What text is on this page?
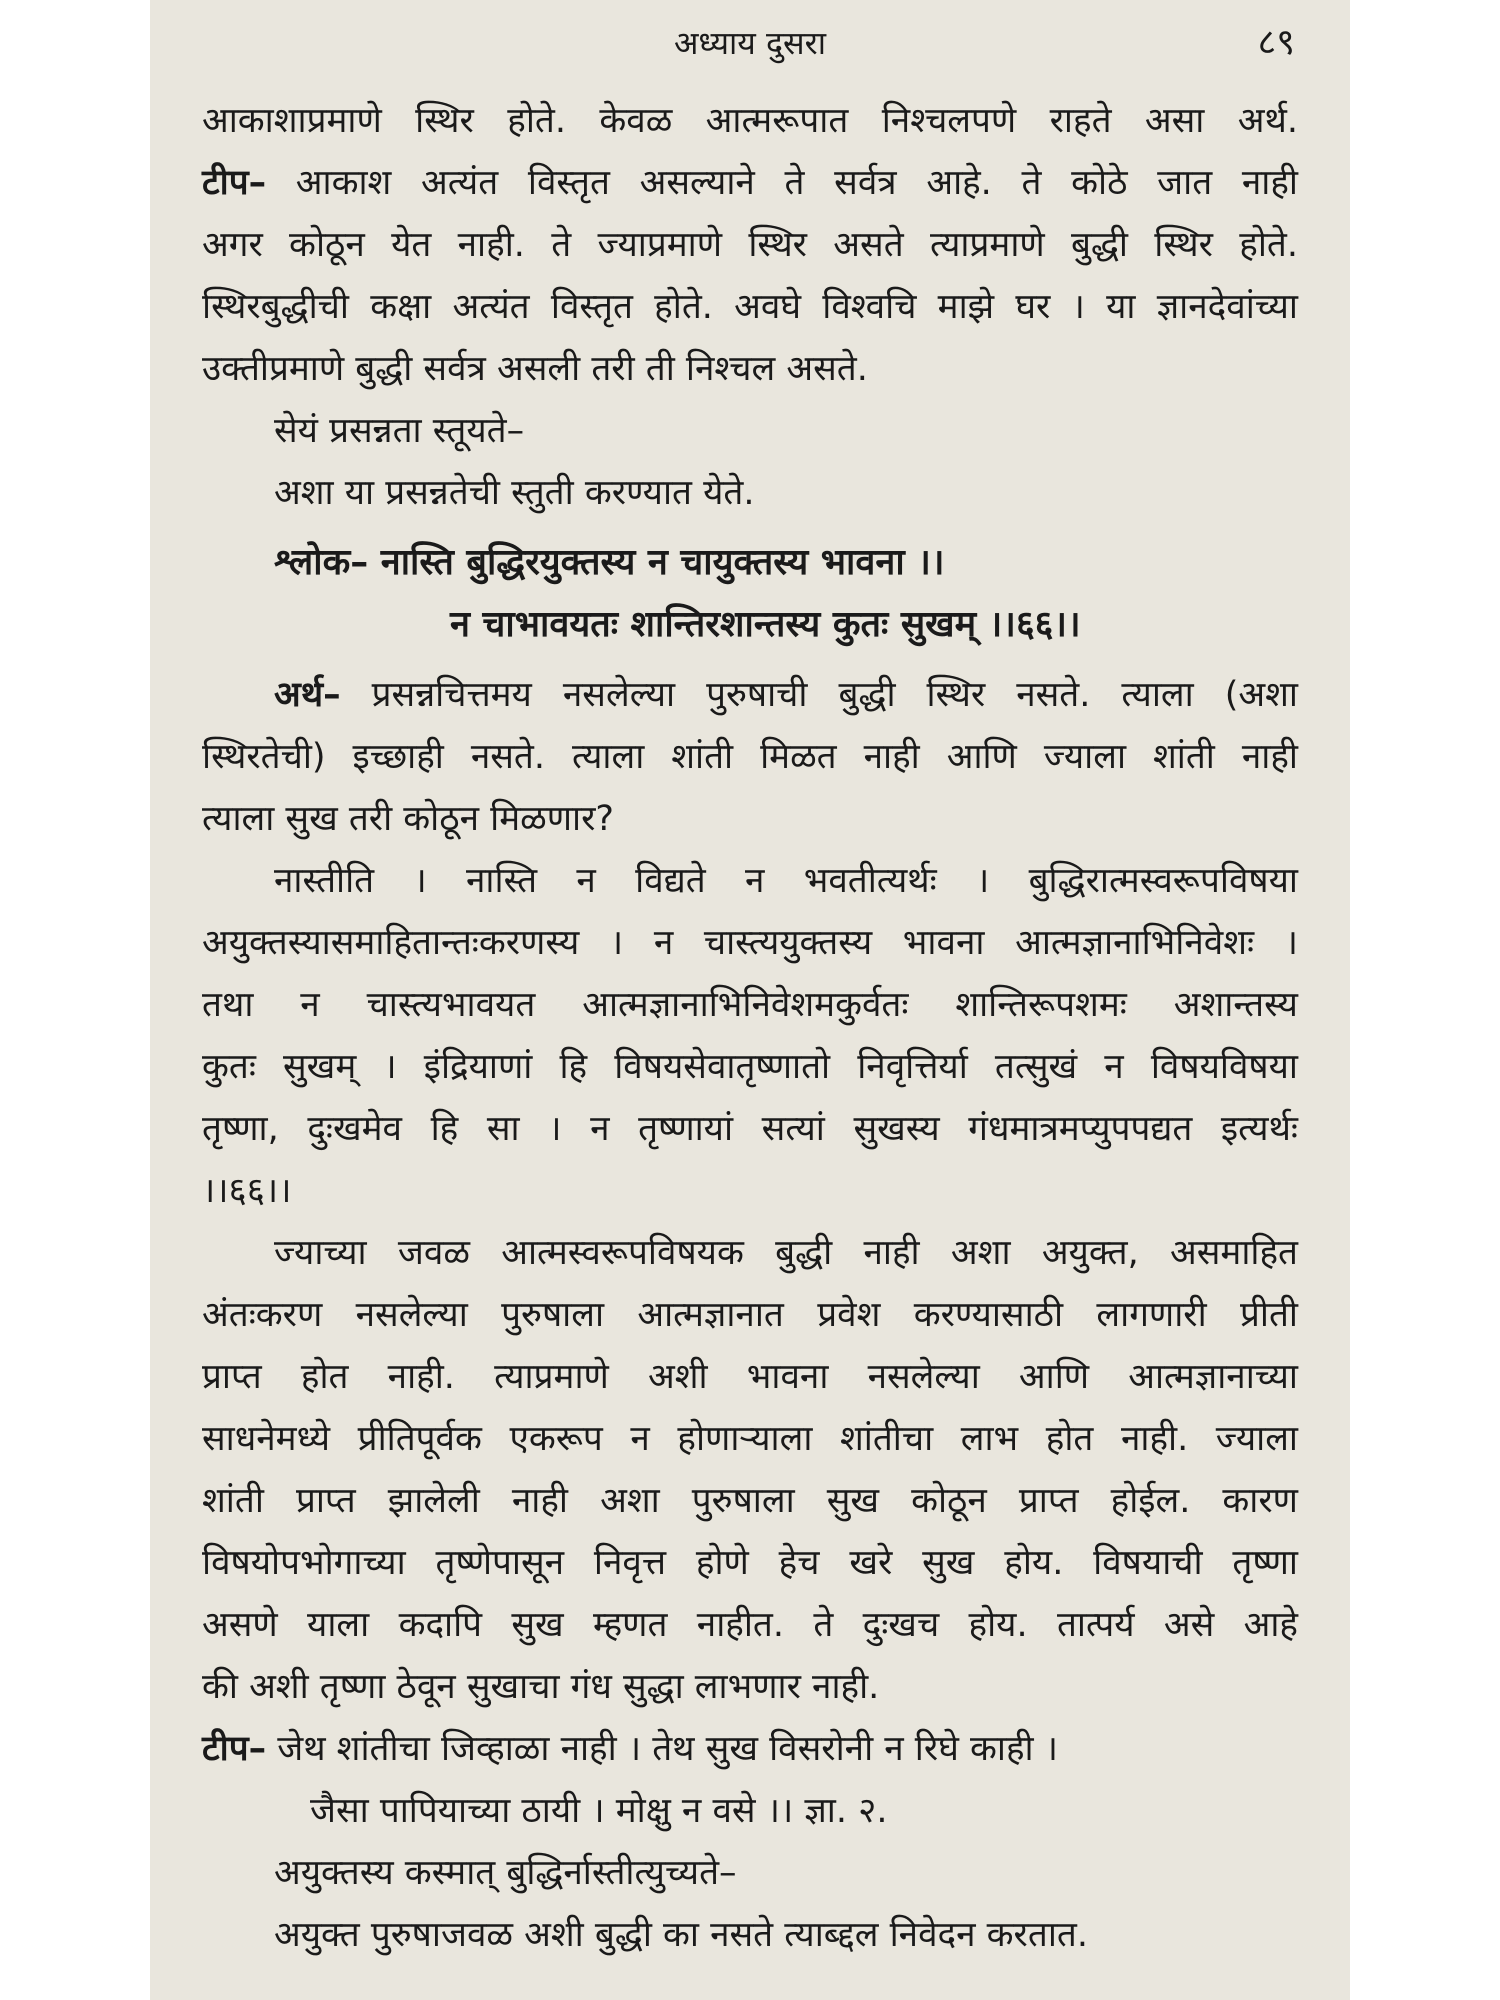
अध्याय दुसरा	८९
आकाशाप्रमाणे स्थिर होते. केवळ आत्मरूपात निश्चलपणे राहते असा अर्थ.
टीप– आकाश अत्यंत विस्तृत असल्याने ते सर्वत्र आहे. ते कोठे जात नाही
अगर कोठून येत नाही. ते ज्याप्रमाणे स्थिर असते त्याप्रमाणे बुद्धी स्थिर होते.
स्थिरबुद्धीची कक्षा अत्यंत विस्तृत होते. अवघे विश्वचि माझे घर । या ज्ञानदेवांच्या
उक्तीप्रमाणे बुद्धी सर्वत्र असली तरी ती निश्चल असते.
सेयं प्रसन्नता स्तूयते–
अशा या प्रसन्नतेची स्तुती करण्यात येते.
श्लोक– नास्ति बुद्धिरयुक्तस्य न चायुक्तस्य भावना ।।
न चाभावयतः शान्तिरशान्तस्य कुतः सुखम् ।।६६।।
अर्थ– प्रसन्नचित्तमय नसलेल्या पुरुषाची बुद्धी स्थिर नसते. त्याला (अशा
स्थिरतेची) इच्छाही नसते. त्याला शांती मिळत नाही आणि ज्याला शांती नाही
त्याला सुख तरी कोठून मिळणार?
नास्तीति । नास्ति न विद्यते न भवतीत्यर्थः । बुद्धिरात्मस्वरूपविषया
अयुक्तस्यासमाहितान्तःकरणस्य । न चास्त्ययुक्तस्य भावना आत्मज्ञानाभिनिवेशः ।
तथा न चास्त्यभावयत आत्मज्ञानाभिनिवेशमकुर्वतः शान्तिरूपशमः अशान्तस्य
कुतः सुखम् । इंद्रियाणां हि विषयसेवातृष्णातो निवृत्तिर्या तत्सुखं न विषयविषया
तृष्णा, दुःखमेव हि सा । न तृष्णायां सत्यां सुखस्य गंधमात्रमप्युपपद्यत इत्यर्थः
।।६६।।
ज्याच्या जवळ आत्मस्वरूपविषयक बुद्धी नाही अशा अयुक्त, असमाहित
अंतःकरण नसलेल्या पुरुषाला आत्मज्ञानात प्रवेश करण्यासाठी लागणारी प्रीती
प्राप्त होत नाही. त्याप्रमाणे अशी भावना नसलेल्या आणि आत्मज्ञानाच्या
साधनेमध्ये प्रीतिपूर्वक एकरूप न होणाऱ्याला शांतीचा लाभ होत नाही. ज्याला
शांती प्राप्त झालेली नाही अशा पुरुषाला सुख कोठून प्राप्त होईल. कारण
विषयोपभोगाच्या तृष्णेपासून निवृत्त होणे हेच खरे सुख होय. विषयाची तृष्णा
असणे याला कदापि सुख म्हणत नाहीत. ते दुःखच होय. तात्पर्य असे आहे
की अशी तृष्णा ठेवून सुखाचा गंध सुद्धा लाभणार नाही.
टीप– जेथ शांतीचा जिव्हाळा नाही । तेथ सुख विसरोनी न रिघे काही ।
जैसा पापियाच्या ठायी । मोक्षु न वसे ।। ज्ञा. २.
अयुक्तस्य कस्मात् बुद्धिर्नास्तीत्युच्यते–
अयुक्त पुरुषाजवळ अशी बुद्धी का नसते त्याब्द्दल निवेदन करतात.
